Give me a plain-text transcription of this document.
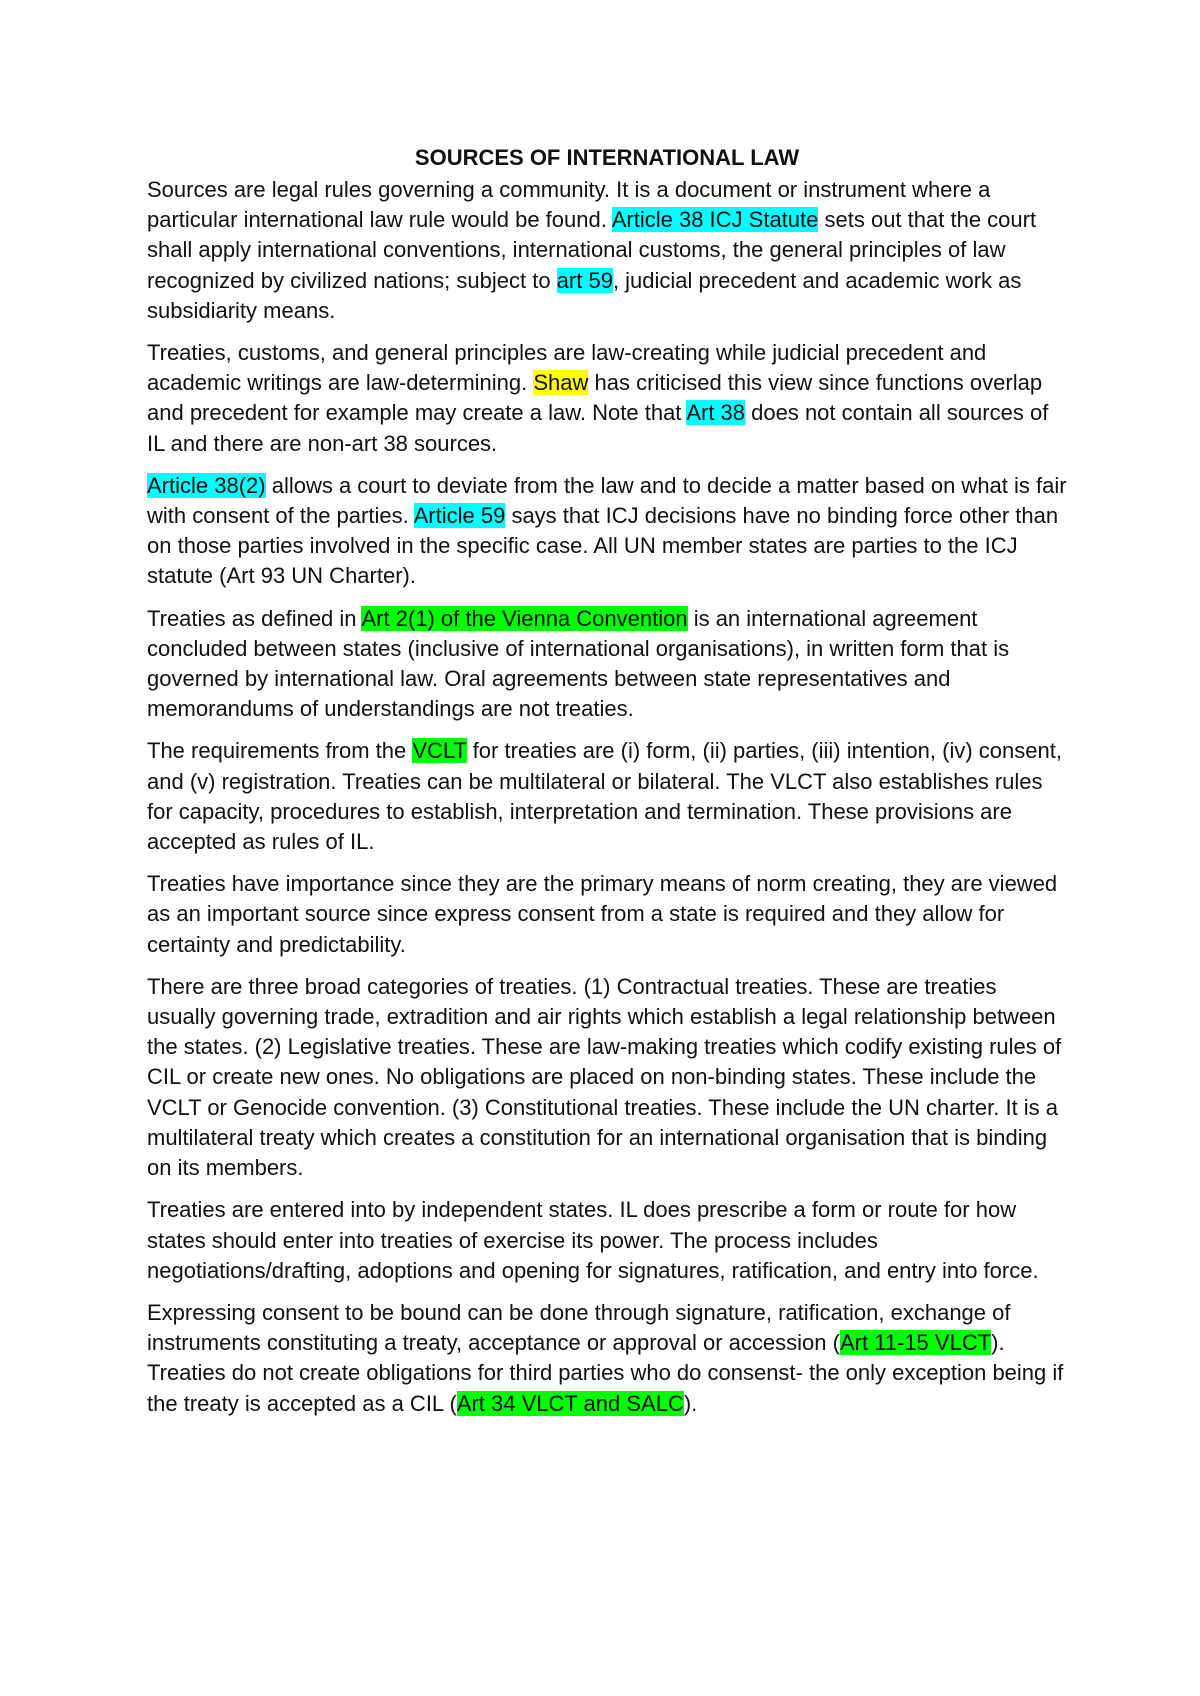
SOURCES OF INTERNATIONAL LAW

Sources are legal rules governing a community. It is a document or instrument where a particular international law rule would be found. Article 38 ICJ Statute sets out that the court shall apply international conventions, international customs, the general principles of law recognized by civilized nations; subject to art 59, judicial precedent and academic work as subsidiarity means.

Treaties, customs, and general principles are law-creating while judicial precedent and academic writings are law-determining. Shaw has criticised this view since functions overlap and precedent for example may create a law. Note that Art 38 does not contain all sources of IL and there are non-art 38 sources.

Article 38(2) allows a court to deviate from the law and to decide a matter based on what is fair with consent of the parties. Article 59 says that ICJ decisions have no binding force other than on those parties involved in the specific case. All UN member states are parties to the ICJ statute (Art 93 UN Charter).

Treaties as defined in Art 2(1) of the Vienna Convention is an international agreement concluded between states (inclusive of international organisations), in written form that is governed by international law. Oral agreements between state representatives and memorandums of understandings are not treaties.

The requirements from the VCLT for treaties are (i) form, (ii) parties, (iii) intention, (iv) consent, and (v) registration. Treaties can be multilateral or bilateral. The VLCT also establishes rules for capacity, procedures to establish, interpretation and termination. These provisions are accepted as rules of IL.

Treaties have importance since they are the primary means of norm creating, they are viewed as an important source since express consent from a state is required and they allow for certainty and predictability.

There are three broad categories of treaties. (1) Contractual treaties. These are treaties usually governing trade, extradition and air rights which establish a legal relationship between the states. (2) Legislative treaties. These are law-making treaties which codify existing rules of CIL or create new ones. No obligations are placed on non-binding states. These include the VCLT or Genocide convention. (3) Constitutional treaties. These include the UN charter. It is a multilateral treaty which creates a constitution for an international organisation that is binding on its members.

Treaties are entered into by independent states. IL does prescribe a form or route for how states should enter into treaties of exercise its power. The process includes negotiations/drafting, adoptions and opening for signatures, ratification, and entry into force.

Expressing consent to be bound can be done through signature, ratification, exchange of instruments constituting a treaty, acceptance or approval or accession (Art 11-15 VLCT). Treaties do not create obligations for third parties who do consenst- the only exception being if the treaty is accepted as a CIL (Art 34 VLCT and SALC).
